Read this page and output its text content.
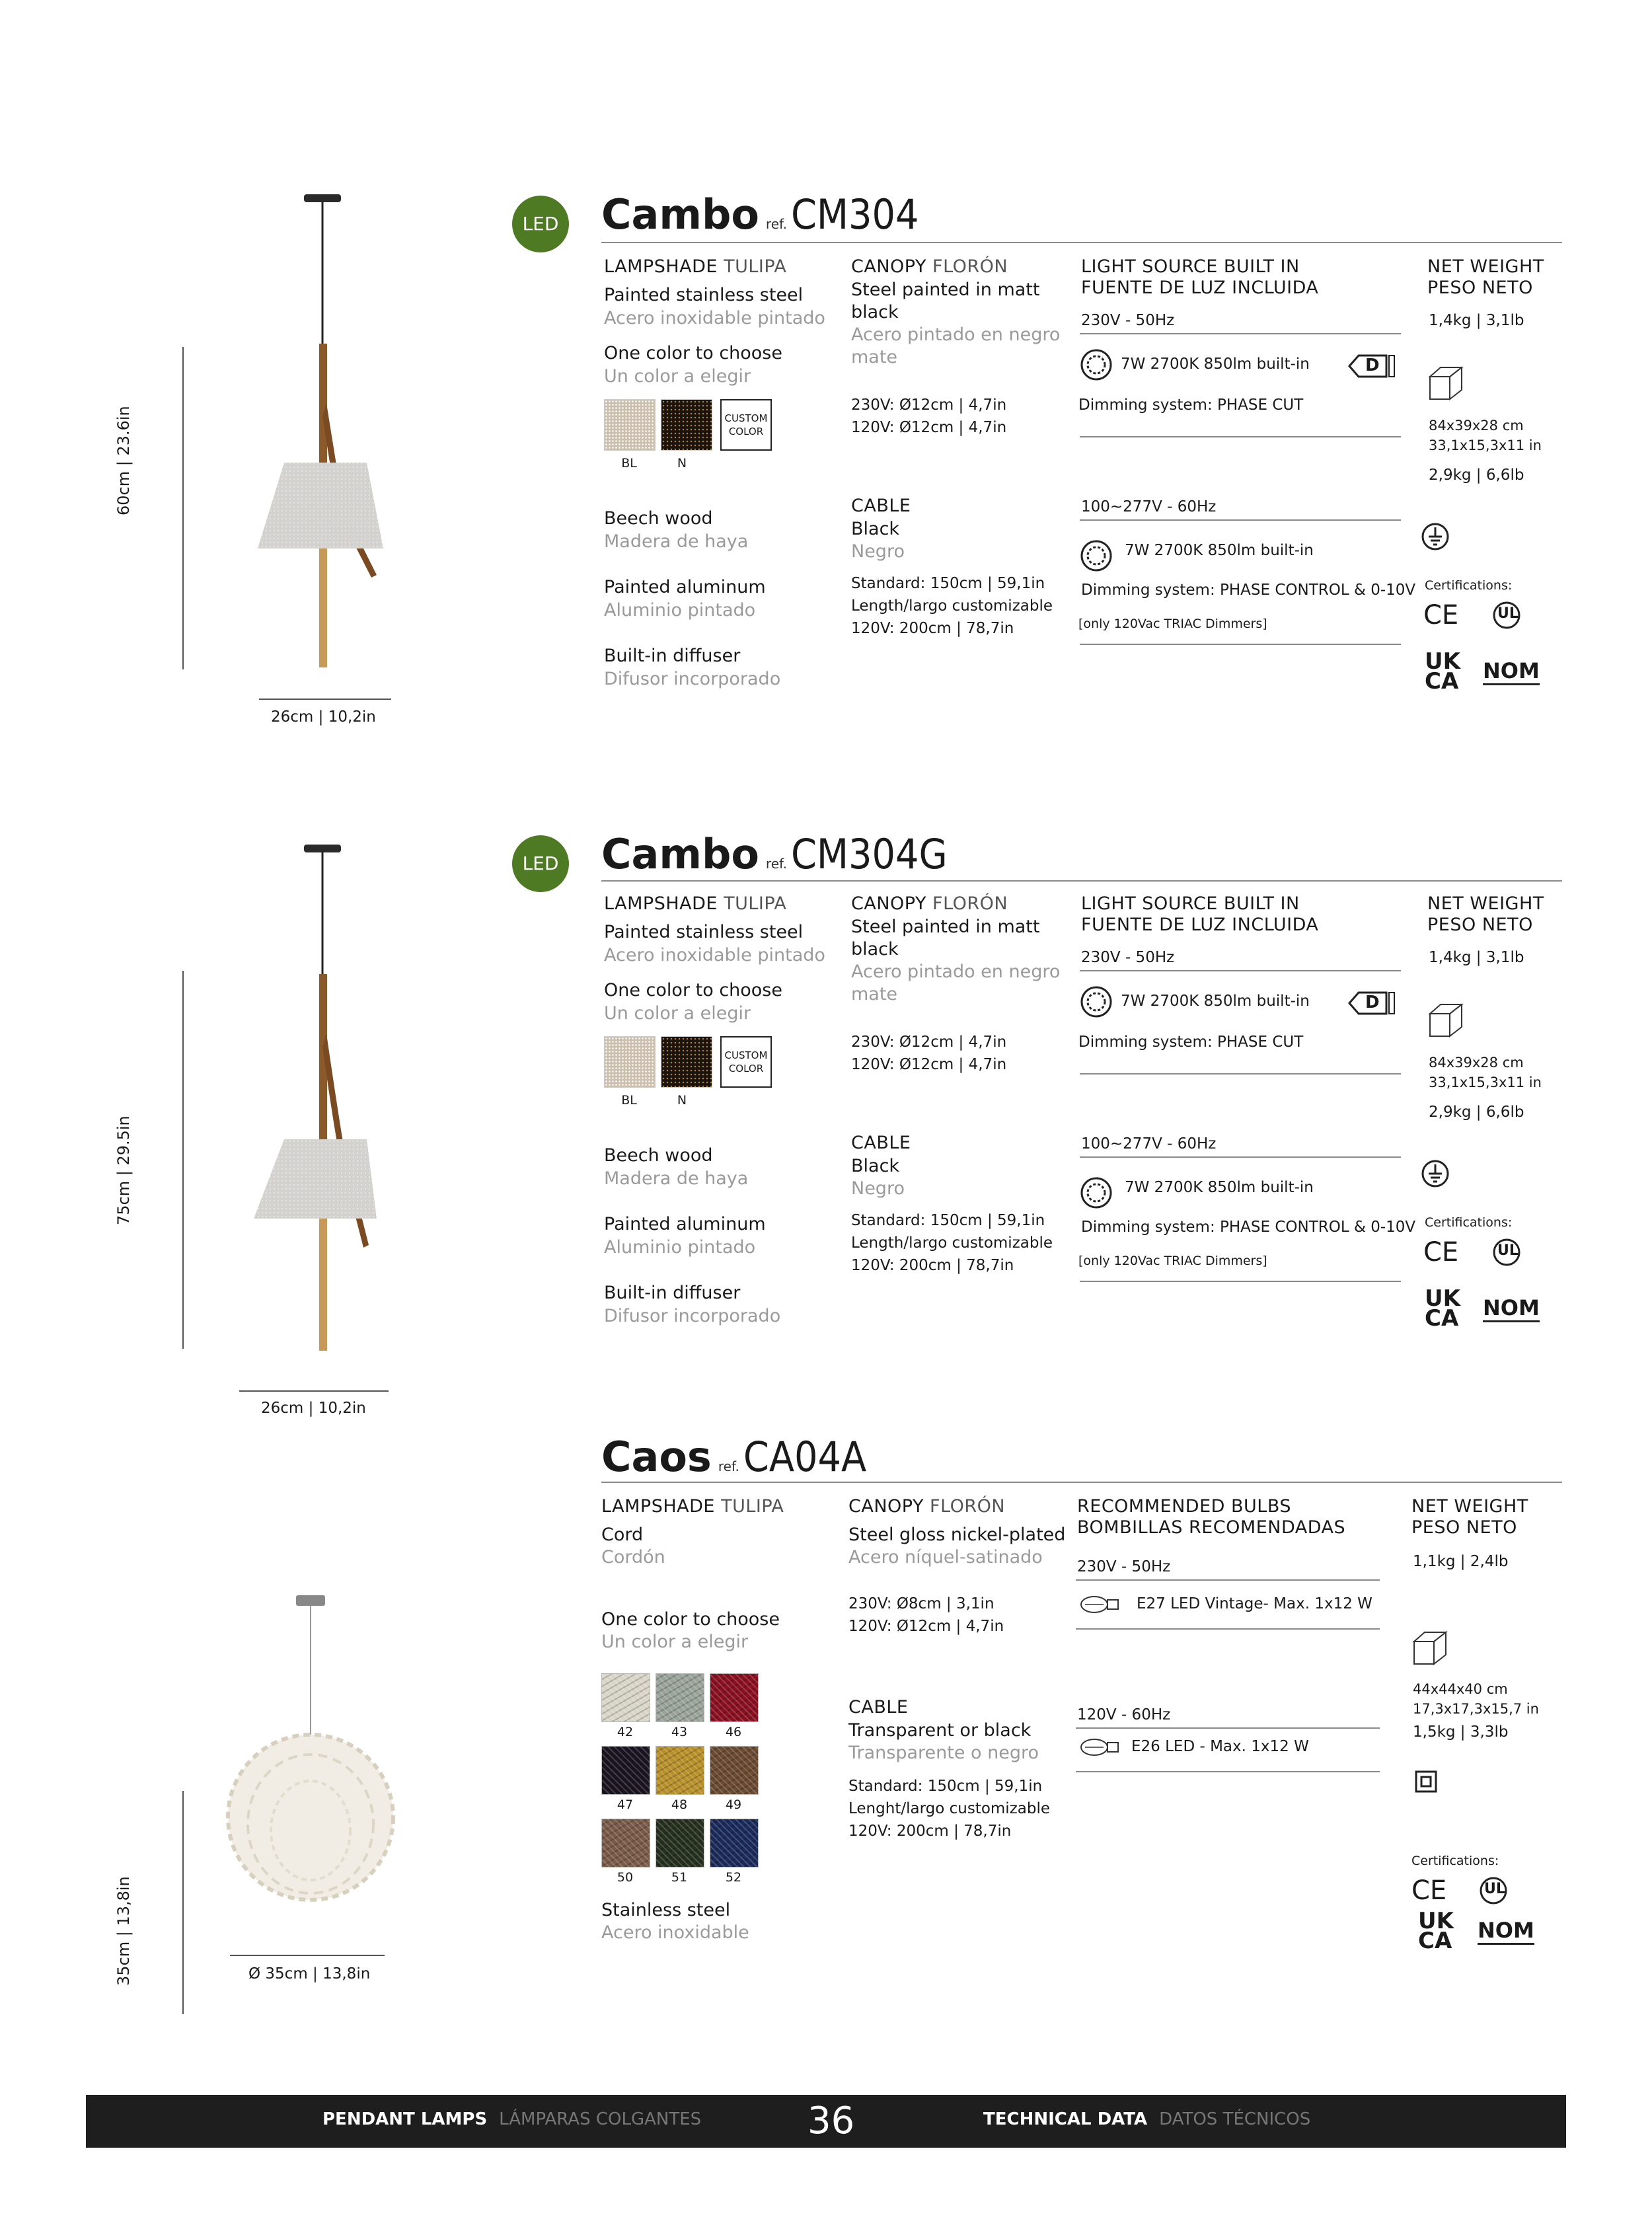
60cm | 23.6in
26cm | 10,2in
LED Cambo ref.CM304
LAMPSHADE TULIPA
Painted stainless steel
Acero inoxidable pintado
One color to choose
Un color a elegir
CUSTOM
COLOR
BL	N
Beech wood
Madera de haya
Painted aluminum
Aluminio pintado
Built-in diffuser
Difusor incorporado
CANOPY FLORÓN
Steel painted in matt
black
Acero pintado en negro
mate
230V: Ø12cm | 4,7in
120V: Ø12cm | 4,7in
CABLE
Black
Negro
Standard: 150cm | 59,1in
Length/largo customizable
120V: 200cm | 78,7in
LIGHT SOURCE BUILT IN
FUENTE DE LUZ INCLUIDA
230V - 50Hz
7W 2700K 850lm built-in	D
Dimming system: PHASE CUT
100~277V - 60Hz
7W 2700K 850lm built-in
Dimming system: PHASE CONTROL & 0-10V
[only 120Vac TRIAC Dimmers]
NET WEIGHT
PESO NETO
1,4kg | 3,1lb
84x39x28 cm
33,1x15,3x11 in
2,9kg | 6,6lb
Certifications:
CE	UL
UK
CA NOM
75cm | 29.5in
26cm | 10,2in
LED Cambo ref.CM304G
LAMPSHADE TULIPA
Painted stainless steel
Acero inoxidable pintado
One color to choose
Un color a elegir
CUSTOM
COLOR
BL	N
Beech wood
Madera de haya
Painted aluminum
Aluminio pintado
Built-in diffuser
Difusor incorporado
CANOPY FLORÓN
Steel painted in matt
black
Acero pintado en negro
mate
230V: Ø12cm | 4,7in
120V: Ø12cm | 4,7in
CABLE
Black
Negro
Standard: 150cm | 59,1in
Length/largo customizable
120V: 200cm | 78,7in
LIGHT SOURCE BUILT IN
FUENTE DE LUZ INCLUIDA
230V - 50Hz
7W 2700K 850lm built-in	D
Dimming system: PHASE CUT
100~277V - 60Hz
7W 2700K 850lm built-in
Dimming system: PHASE CONTROL & 0-10V
[only 120Vac TRIAC Dimmers]
NET WEIGHT
PESO NETO
1,4kg | 3,1lb
84x39x28 cm
33,1x15,3x11 in
2,9kg | 6,6lb
Certifications:
CE	UL
UK
CA NOM
35cm | 13,8in	Ø 35cm | 13,8in
Caos ref.CA04A
LAMPSHADE TULIPA
Cord
Cordón
One color to choose
Un color a elegir
42	43	46
47	48	49
50	51	52
Stainless steel
Acero inoxidable
CANOPY FLORÓN
Steel gloss nickel-plated
Acero níquel-satinado
230V: Ø8cm | 3,1in
120V: Ø12cm | 4,7in
CABLE
Transparent or black
Transparente o negro
Standard: 150cm | 59,1in
Lenght/largo customizable
120V: 200cm | 78,7in
RECOMMENDED BULBS
BOMBILLAS RECOMENDADAS
230V - 50Hz
E27 LED Vintage- Max. 1x12 W
120V - 60Hz
E26 LED - Max. 1x12 W
NET WEIGHT
PESO NETO
1,1kg | 2,4lb
44x44x40 cm
17,3x17,3x15,7 in
1,5kg | 3,3lb
Certifications:
CE	UL
UK
CA NOM
PENDANT LAMPS LÁMPARAS COLGANTES	36	TECHNICAL DATA DATOS TÉCNICOS
